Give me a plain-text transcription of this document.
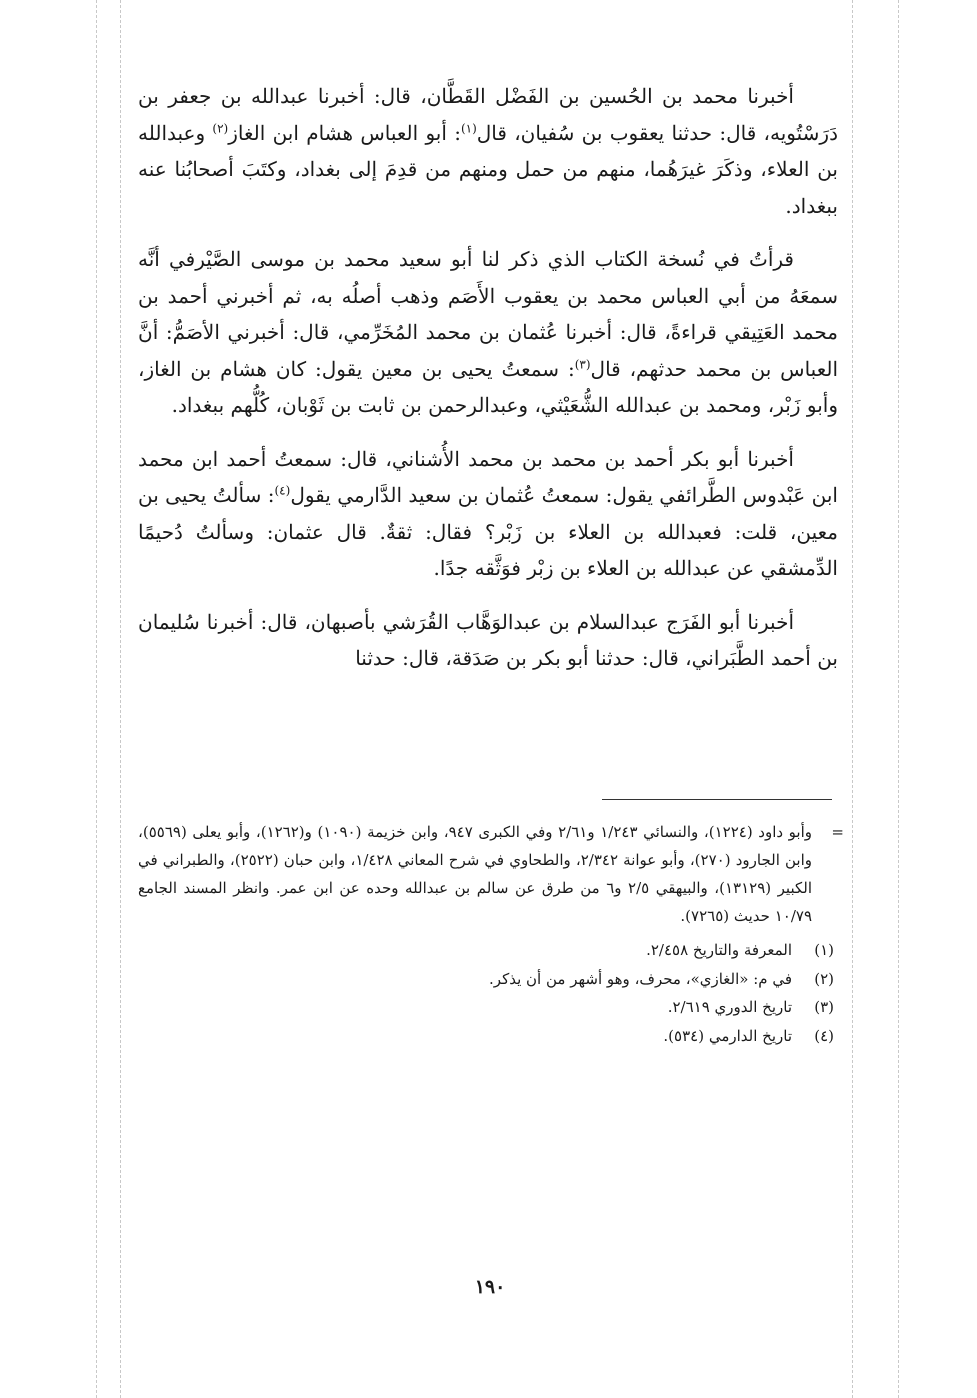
أخبرنا محمد بن الحُسين بن الفَضْل القَطَّان، قال: أخبرنا عبدالله بن جعفر بن دَرَسْتُويه، قال: حدثنا يعقوب بن سُفيان، قال$^{(١)}$: أبو العباس هشام ابن الغاز$^{(٢)}$ وعبدالله بن العلاء، وذكَرَ غيرَهُما، منهم من حمل ومنهم من قدِمَ إلى بغداد، وكتَبَ أصحابُنا عنه ببغداد.

قرأتُ في نُسخة الكتاب الذي ذكر لنا أبو سعيد محمد بن موسى الصَّيْرفي أنَّه سمعَهُ من أبي العباس محمد بن يعقوب الأَصَم وذهب أصلُه به، ثم أخبرني أحمد بن محمد العَتِيقي قراءةً، قال: أخبرنا عُثمان بن محمد المُخَرِّمي، قال: أخبرني الأصَمُّ: أنَّ العباس بن محمد حدثهم، قال$^{(٣)}$: سمعتُ يحيى بن معين يقول: كان هشام بن الغاز، وأبو زَبْر، ومحمد بن عبدالله الشُّعَيْثي، وعبدالرحمن بن ثابت بن ثَوْبان، كُلُّهم ببغداد.

أخبرنا أبو بكر أحمد بن محمد بن محمد الأُشناني، قال: سمعتُ أحمد ابن محمد ابن عَبْدوس الطَّرائفي يقول: سمعتُ عُثمان بن سعيد الدَّارمي يقول$^{(٤)}$: سألتُ يحيى بن معين، قلت: فعبدالله بن العلاء بن زَبْر؟ فقال: ثقةٌ. قال عثمان: وسألتُ دُحيمًا الدِّمشقي عن عبدالله بن العلاء بن زبْر فوَثَّقه جدًا.

أخبرنا أبو الفَرَج عبدالسلام بن عبدالوَهَّاب القُرَشي بأصبهان، قال: أخبرنا سُليمان بن أحمد الطَّبَراني، قال: حدثنا أبو بكر بن صَدَقة، قال: حدثنا

=
وأبو داود (١٢٢٤)، والنسائي ١/٢٤٣ و٢/٦١ وفي الكبرى ٩٤٧، وابن خزيمة (١٠٩٠) و(١٢٦٢)، وأبو يعلى (٥٥٦٩)، وابن الجارود (٢٧٠)، وأبو عوانة ٢/٣٤٢، والطحاوي في شرح المعاني ١/٤٢٨، وابن حبان (٢٥٢٢)، والطبراني في الكبير (١٣١٢٩)، والبيهقي ٢/٥ و٦ من طرق عن سالم بن عبدالله وحده عن ابن عمر. وانظر المسند الجامع ١٠/٧٩ حديث (٧٢٦٥).

(١)المعرفة والتاريخ ٢/٤٥٨.

(٢)في م: «الغازي»، محرف، وهو أشهر من أن يذكر.

(٣)تاريخ الدوري ٢/٦١٩.

(٤)تاريخ الدارمي (٥٣٤).

١٩٠
